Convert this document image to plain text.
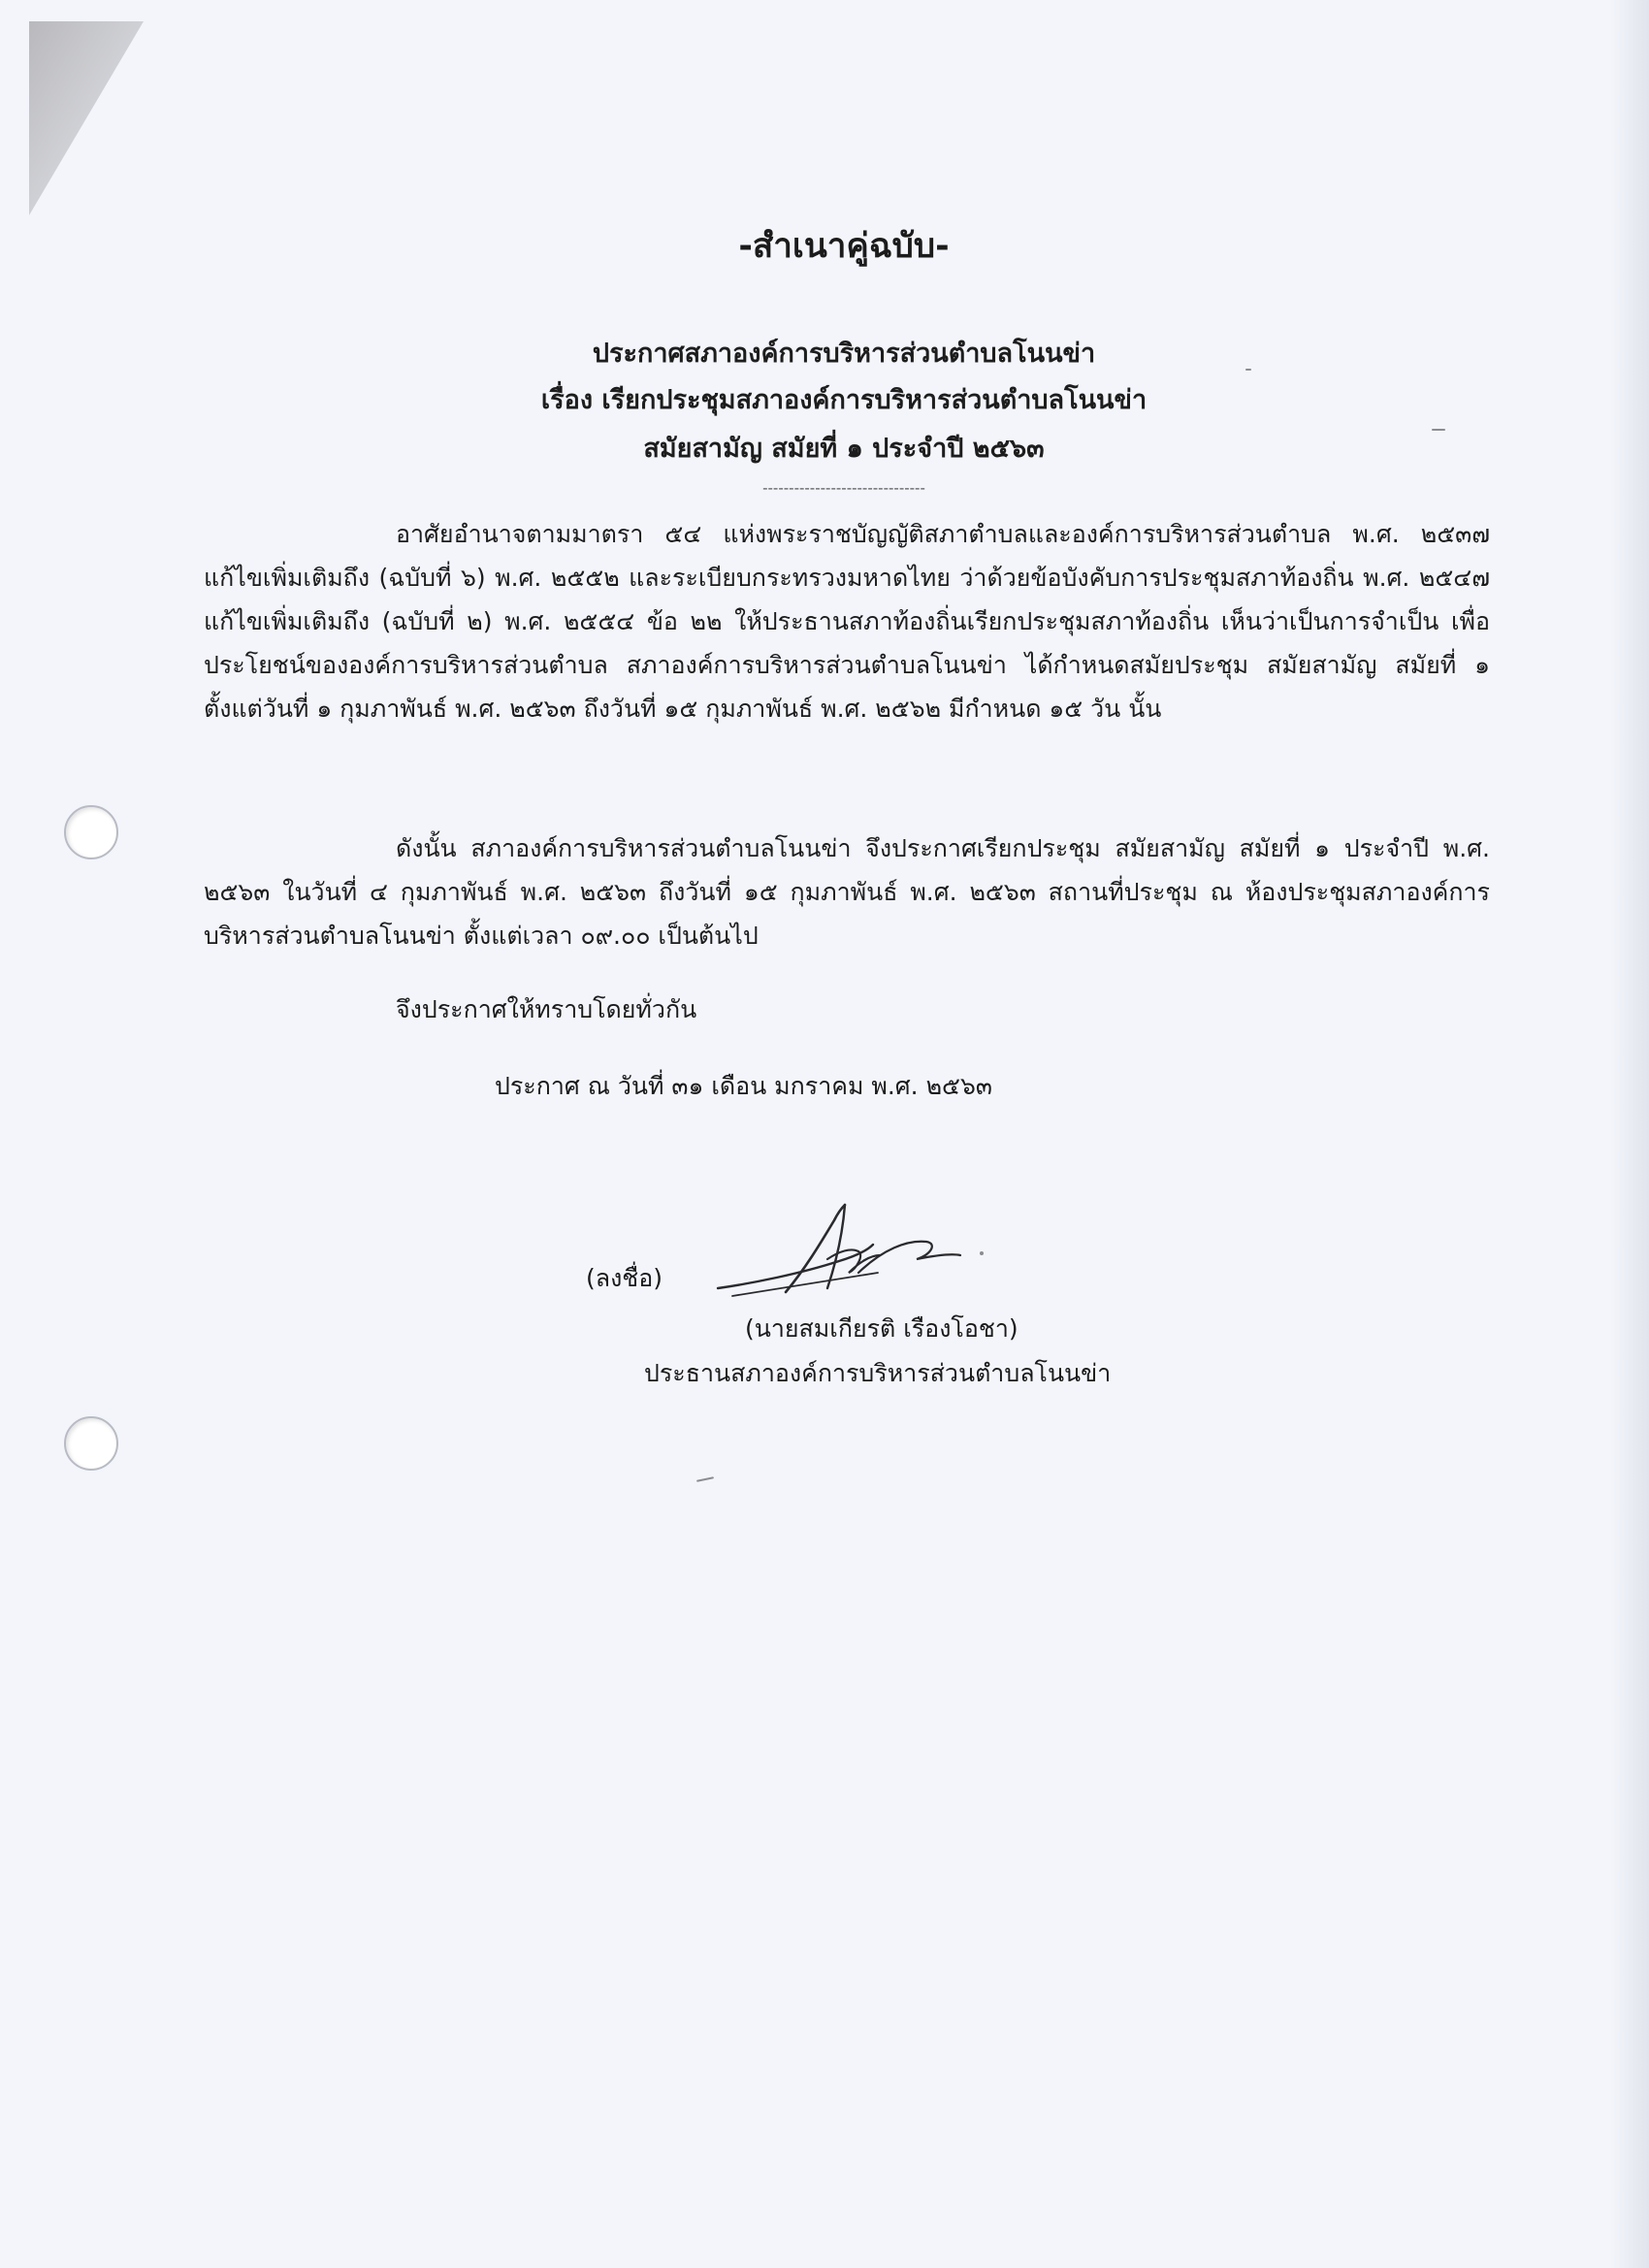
-สำเนาคู่ฉบับ-
ประกาศสภาองค์การบริหารส่วนตำบลโนนข่า
เรื่อง เรียกประชุมสภาองค์การบริหารส่วนตำบลโนนข่า
สมัยสามัญ สมัยที่ ๑ ประจำปี ๒๕๖๓
-------------------------------
อาศัยอำนาจตามมาตรา ๕๔ แห่งพระราชบัญญัติสภาตำบลและองค์การบริหารส่วนตำบล พ.ศ. ๒๕๓๗ แก้ไขเพิ่มเติมถึง (ฉบับที่ ๖) พ.ศ. ๒๕๕๒ และระเบียบกระทรวงมหาดไทย ว่าด้วยข้อบังคับการประชุมสภาท้องถิ่น พ.ศ. ๒๕๔๗ แก้ไขเพิ่มเติมถึง (ฉบับที่ ๒) พ.ศ. ๒๕๕๔ ข้อ ๒๒ ให้ประธานสภาท้องถิ่นเรียกประชุมสภาท้องถิ่น เห็นว่าเป็นการจำเป็น เพื่อประโยชน์ขององค์การบริหารส่วนตำบล สภาองค์การบริหารส่วนตำบลโนนข่า ได้กำหนดสมัยประชุม สมัยสามัญ สมัยที่ ๑ ตั้งแต่วันที่ ๑ กุมภาพันธ์ พ.ศ. ๒๕๖๓ ถึงวันที่ ๑๕ กุมภาพันธ์ พ.ศ. ๒๕๖๒ มีกำหนด ๑๕ วัน นั้น
ดังนั้น สภาองค์การบริหารส่วนตำบลโนนข่า จึงประกาศเรียกประชุม สมัยสามัญ สมัยที่ ๑ ประจำปี พ.ศ. ๒๕๖๓ ในวันที่ ๔ กุมภาพันธ์ พ.ศ. ๒๕๖๓ ถึงวันที่ ๑๕ กุมภาพันธ์ พ.ศ. ๒๕๖๓ สถานที่ประชุม ณ ห้องประชุมสภาองค์การบริหารส่วนตำบลโนนข่า ตั้งแต่เวลา ๐๙.๐๐ เป็นต้นไป
จึงประกาศให้ทราบโดยทั่วกัน
ประกาศ ณ วันที่ ๓๑ เดือน มกราคม พ.ศ. ๒๕๖๓
(ลงชื่อ)
(นายสมเกียรติ เรืองโอชา)
ประธานสภาองค์การบริหารส่วนตำบลโนนข่า
